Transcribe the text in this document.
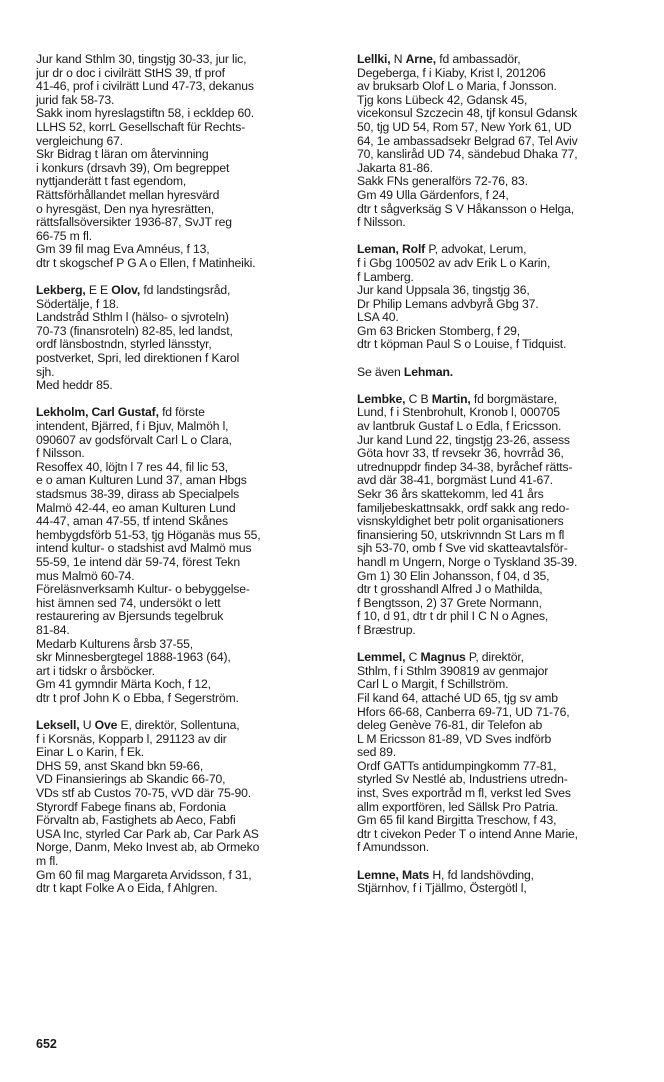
Jur kand Sthlm 30, tingstjg 30-33, jur lic,
jur dr o doc i civilrätt StHS 39, tf prof
41-46, prof i civilrätt Lund 47-73, dekanus
jurid fak 58-73.
Sakk inom hyreslagstiftn 58, i eckldep 60.
LLHS 52, korrL Gesellschaft für Rechts-
vergleichung 67.
Skr Bidrag t läran om återvinning
i konkurs (drsavh 39), Om begreppet
nyttjanderätt t fast egendom,
Rättsförhållandet mellan hyresvärd
o hyresgäst, Den nya hyresrätten,
rättsfallsöversikter 1936-87, SvJT reg
66-75 m fl.
Gm 39 fil mag Eva Amnéus, f 13,
dtr t skogschef P G A o Ellen, f Matinheiki.
Lekberg, E E Olov, fd landstingsråd,
Södertälje, f 18.
Landstråd Sthlm l (hälso- o sjvroteln)
70-73 (finansroteln) 82-85, led landst,
ordf länsbostndn, styrled länsstyr,
postverket, Spri, led direktionen f Karol
sjh.
Med heddr 85.
Lekholm, Carl Gustaf, fd förste
intendent, Bjärred, f i Bjuv, Malmöh l,
090607 av godsförvalt Carl L o Clara,
f Nilsson.
Resoffex 40, löjtn l 7 res 44, fil lic 53,
e o aman Kulturen Lund 37, aman Hbgs
stadsmus 38-39, dirass ab Specialpels
Malmö 42-44, eo aman Kulturen Lund
44-47, aman 47-55, tf intend Skånes
hembygdsförb 51-53, tjg Höganäs mus 55,
intend kultur- o stadshist avd Malmö mus
55-59, 1e intend där 59-74, förest Tekn
mus Malmö 60-74.
Föreläsnverksamh Kultur- o bebyggelse-
hist ämnen sed 74, undersökt o lett
restaurering av Bjersunds tegelbruk
81-84.
Medarb Kulturens årsb 37-55,
skr Minnesbergtegel 1888-1963 (64),
art i tidskr o årsböcker.
Gm 41 gymndir Märta Koch, f 12,
dtr t prof John K o Ebba, f Segerström.
Leksell, U Ove E, direktör, Sollentuna,
f i Korsnäs, Kopparb l, 291123 av dir
Einar L o Karin, f Ek.
DHS 59, anst Skand bkn 59-66,
VD Finansierings ab Skandic 66-70,
VDs stf ab Custos 70-75, vVD där 75-90.
Styrordf Fabege finans ab, Fordonia
Förvaltn ab, Fastighets ab Aeco, Fabfi
USA Inc, styrled Car Park ab, Car Park AS
Norge, Danm, Meko Invest ab, ab Ormeko
m fl.
Gm 60 fil mag Margareta Arvidsson, f 31,
dtr t kapt Folke A o Eida, f Ahlgren.
Lellki, N Arne, fd ambassadör,
Degeberga, f i Kiaby, Krist l, 201206
av bruksarb Olof L o Maria, f Jonsson.
Tjg kons Lübeck 42, Gdansk 45,
vicekonsul Szczecin 48, tjf konsul Gdansk
50, tjg UD 54, Rom 57, New York 61, UD
64, 1e ambassadsekr Belgrad 67, Tel Aviv
70, kansliråd UD 74, sändebud Dhaka 77,
Jakarta 81-86.
Sakk FNs generalförs 72-76, 83.
Gm 49 Ulla Gärdenfors, f 24,
dtr t sågverksäg S V Håkansson o Helga,
f Nilsson.
Leman, Rolf P, advokat, Lerum,
f i Gbg 100502 av adv Erik L o Karin,
f Lamberg.
Jur kand Uppsala 36, tingstjg 36,
Dr Philip Lemans advbyrå Gbg 37.
LSA 40.
Gm 63 Bricken Stomberg, f 29,
dtr t köpman Paul S o Louise, f Tidquist.
Se även Lehman.
Lembke, C B Martin, fd borgmästare,
Lund, f i Stenbrohult, Kronob l, 000705
av lantbruk Gustaf L o Edla, f Ericsson.
Jur kand Lund 22, tingstjg 23-26, assess
Göta hovr 33, tf revsekr 36, hovrråd 36,
utrednuppdr findep 34-38, byråchef rätts-
avd där 38-41, borgmäst Lund 41-67.
Sekr 36 års skattekomm, led 41 års
familjebeskattnsakk, ordf sakk ang redo-
visnskyldighet betr polit organisationers
finansiering 50, utskrivnndn St Lars m fl
sjh 53-70, omb f Sve vid skatteavtalsför-
handl m Ungern, Norge o Tyskland 35-39.
Gm 1) 30 Elin Johansson, f 04, d 35,
dtr t grosshandl Alfred J o Mathilda,
f Bengtsson, 2) 37 Grete Normann,
f 10, d 91, dtr t dr phil I C N o Agnes,
f Bræstrup.
Lemmel, C Magnus P, direktör,
Sthlm, f i Sthlm 390819 av genmajor
Carl L o Margit, f Schillström.
Fil kand 64, attaché UD 65, tjg sv amb
Hfors 66-68, Canberra 69-71, UD 71-76,
deleg Genève 76-81, dir Telefon ab
L M Ericsson 81-89, VD Sves indförb
sed 89.
Ordf GATTs antidumpingkomm 77-81,
styrled Sv Nestlé ab, Industriens utredn-
inst, Sves exportråd m fl, verkst led Sves
allm exportfören, led Sällsk Pro Patria.
Gm 65 fil kand Birgitta Treschow, f 43,
dtr t civekon Peder T o intend Anne Marie,
f Amundsson.
Lemne, Mats H, fd landshövding,
Stjärnhov, f i Tjällmo, Östergötl l,
652
